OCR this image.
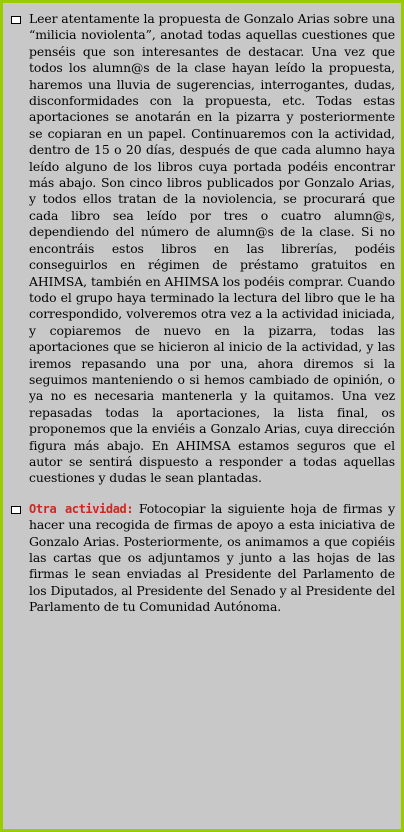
Leer atentamente la propuesta de Gonzalo Arias sobre una “milicia noviolenta”, anotad todas aquellas cuestiones que penséis que son interesantes de destacar. Una vez que todos los alumn@s de la clase hayan leído la propuesta, haremos una lluvia de sugerencias, interrogantes, dudas, disconformidades con la propuesta, etc. Todas estas aportaciones se anotarán en la pizarra y posteriormente se copiaran en un papel. Continuaremos con la actividad, dentro de 15 o 20 días, después de que cada alumno haya leído alguno de los libros cuya portada podéis encontrar más abajo. Son cinco libros publicados por Gonzalo Arias, y todos ellos tratan de la noviolencia, se procurará que cada libro sea leído por tres o cuatro alumn@s, dependiendo del número de alumn@s de la clase. Si no encontráis estos libros en las librerías, podéis conseguirlos en régimen de préstamo gratuitos en AHIMSA, también en AHIMSA los podéis comprar. Cuando todo el grupo haya terminado la lectura del libro que le ha correspondido, volveremos otra vez a la actividad iniciada, y copiaremos de nuevo en la pizarra, todas las aportaciones que se hicieron al inicio de la actividad, y las iremos repasando una por una, ahora diremos si la seguimos manteniendo o si hemos cambiado de opinión, o ya no es necesaria mantenerla y la quitamos. Una vez repasadas todas la aportaciones, la lista final, os proponemos que la enviéis a Gonzalo Arias, cuya dirección figura más abajo. En AHIMSA estamos seguros que el autor se sentirá dispuesto a responder a todas aquellas cuestiones y dudas le sean plantadas.
Otra actividad: Fotocopiar la siguiente hoja de firmas y hacer una recogida de firmas de apoyo a esta iniciativa de Gonzalo Arias. Posteriormente, os animamos a que copiéis las cartas que os adjuntamos y junto a las hojas de las firmas le sean enviadas al Presidente del Parlamento de los Diputados, al Presidente del Senado y al Presidente del Parlamento de tu Comunidad Autónoma.
